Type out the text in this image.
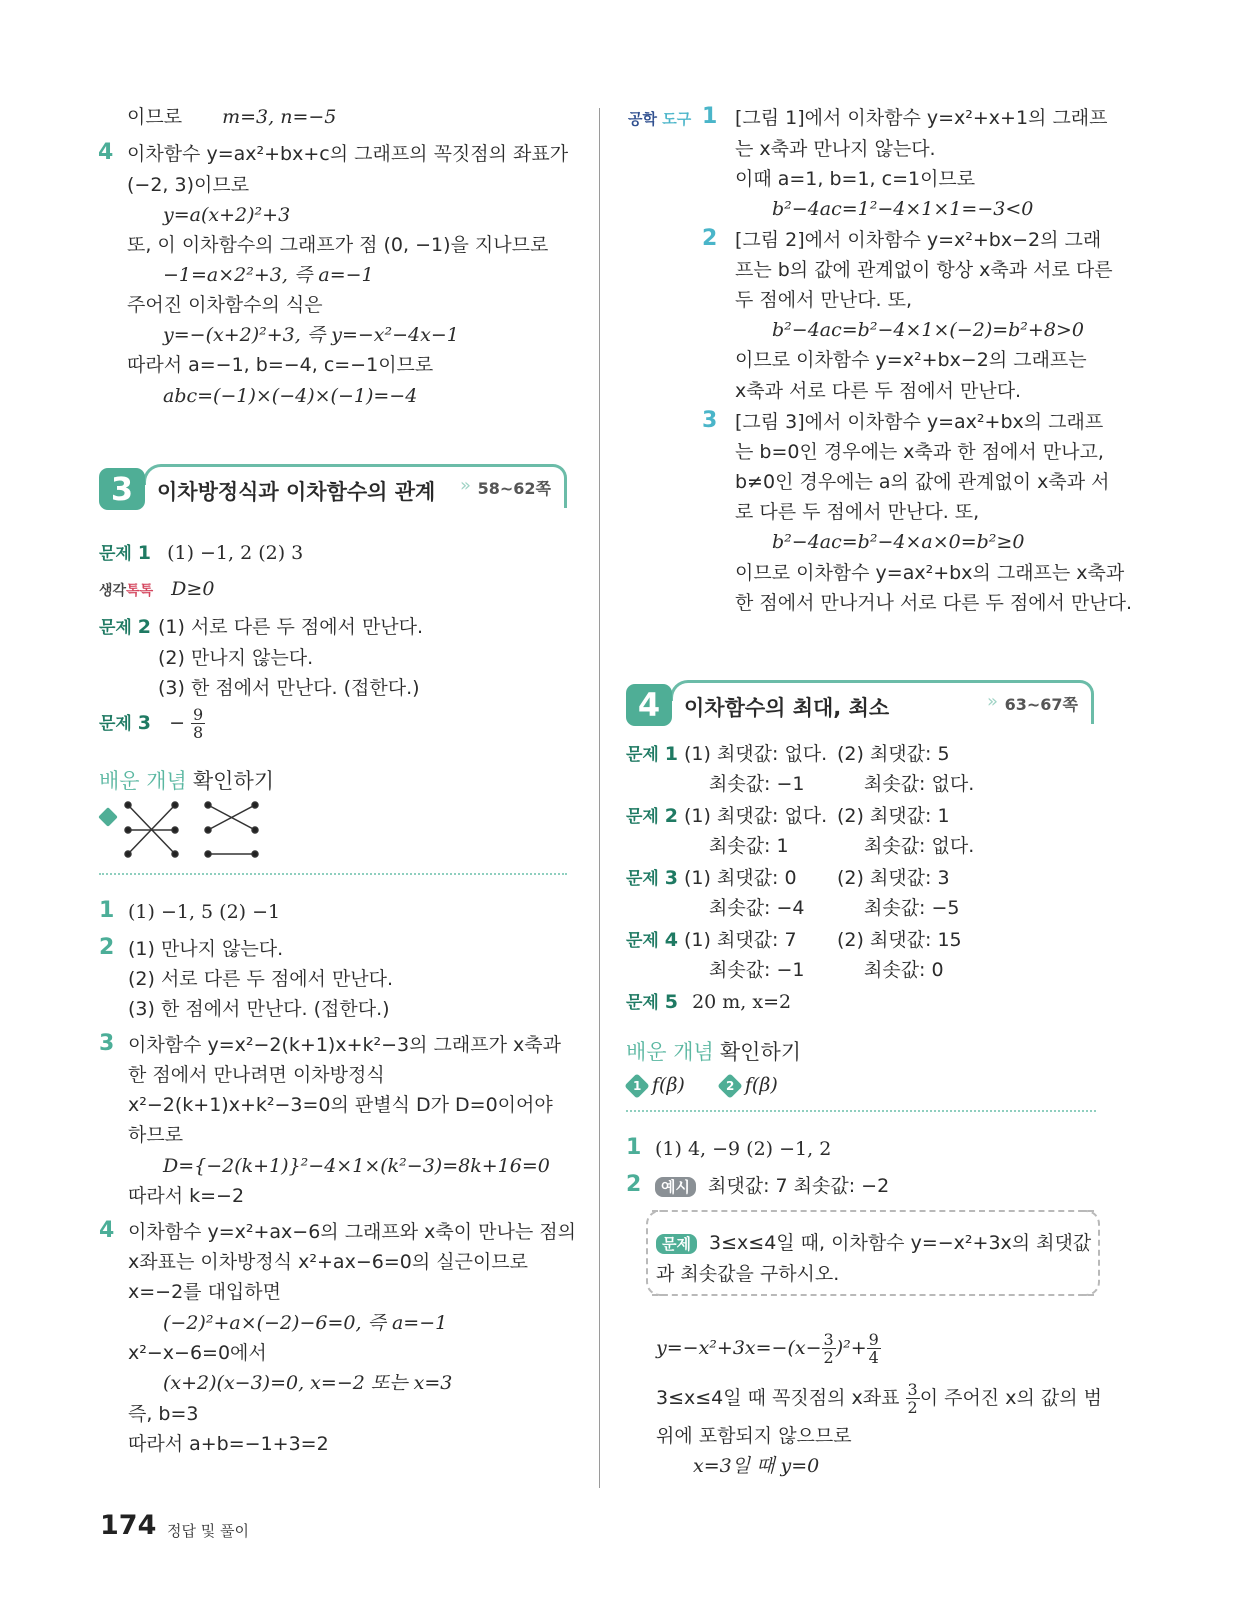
이므로 m=3, n=−5
4 이차함수 y=ax²+bx+c의 그래프의 꼭짓점의 좌표가
(−2, 3)이므로
y=a(x+2)²+3
또, 이 이차함수의 그래프가 점 (0, −1)을 지나므로
−1=a×2²+3, 즉 a=−1
주어진 이차함수의 식은
y=−(x+2)²+3, 즉 y=−x²−4x−1
따라서 a=−1, b=−4, c=−1이므로
abc=(−1)×(−4)×(−1)=−4
3	이차방정식과 이차함수의 관계 » 58~62쪽
문제 1 (1) −1, 2 (2) 3
생각톡톡 D≥0
문제 2 (1) 서로 다른 두 점에서 만난다.
(2) 만나지 않는다.
(3) 한 점에서 만난다. (접한다.)
문제 $3 - \frac{9}{8}$
배운 개념 확인하기
1 (1) −1, 5 (2) −1
2 (1) 만나지 않는다.
(2) 서로 다른 두 점에서 만난다.
(3) 한 점에서 만난다. (접한다.)
3 이차함수 y=x²−2(k+1)x+k²−3의 그래프가 x축과
한 점에서 만나려면 이차방정식
x²−2(k+1)x+k²−3=0의 판별식 D가 D=0이어야
하므로
D={−2(k+1)}²−4×1×(k²−3)=8k+16=0
따라서 k=−2
4 이차함수 y=x²+ax−6의 그래프와 x축이 만나는 점의
x좌표는 이차방정식 x²+ax−6=0의 실근이므로
x=−2를 대입하면
(−2)²+a×(−2)−6=0, 즉 a=−1
x²−x−6=0에서
(x+2)(x−3)=0, x=−2 또는 x=3
즉, b=3
따라서 a+b=−1+3=2
공학 도구 1 [그림 1]에서 이차함수 y=x²+x+1의 그래프
는 x축과 만나지 않는다.
이때 a=1, b=1, c=1이므로
b²−4ac=1²−4×1×1=−3<0
2 [그림 2]에서 이차함수 y=x²+bx−2의 그래
프는 b의 값에 관계없이 항상 x축과 서로 다른
두 점에서 만난다. 또,
b²−4ac=b²−4×1×(−2)=b²+8>0
이므로 이차함수 y=x²+bx−2의 그래프는
x축과 서로 다른 두 점에서 만난다.
3 [그림 3]에서 이차함수 y=ax²+bx의 그래프
는 b=0인 경우에는 x축과 한 점에서 만나고,
b≠0인 경우에는 a의 값에 관계없이 x축과 서
로 다른 두 점에서 만난다. 또,
b²−4ac=b²−4×a×0=b²≥0
이므로 이차함수 y=ax²+bx의 그래프는 x축과
한 점에서 만나거나 서로 다른 두 점에서 만난다.
4	이차함수의 최대, 최소	» 63~67쪽
문제 1 (1) 최댓값: 없다.
최솟값: −1
(2) 최댓값: 5
최솟값: 없다.
문제 2 (1) 최댓값: 없다.
최솟값: 1
(2) 최댓값: 1
최솟값: 없다.
문제 3 (1) 최댓값: 0
최솟값: −4
(2) 최댓값: 3
최솟값: −5
문제 4 (1) 최댓값: 7
최솟값: −1
(2) 최댓값: 15
최솟값: 0
문제 5 20 m, x=2
배운 개념 확인하기
1 f(β)	2 f(β)
1 (1) 4, −9 (2) −1, 2
2	예시 최댓값: 7 최솟값: −2
문제 3≤x≤4일 때, 이차함수 y=−x²+3x의 최댓값
과 최솟값을 구하시오.
$y=-x^2+3x=-(x- \frac{3}{2} )^2+ \frac{9}{4}$
3≤x≤4일 때 꼭짓점의 x좌표 $\frac{3}{2}$ 이 주어진 x의 값의 범
위에 포함되지 않으므로
x=3일 때 y=0
174 정답 및 풀이
